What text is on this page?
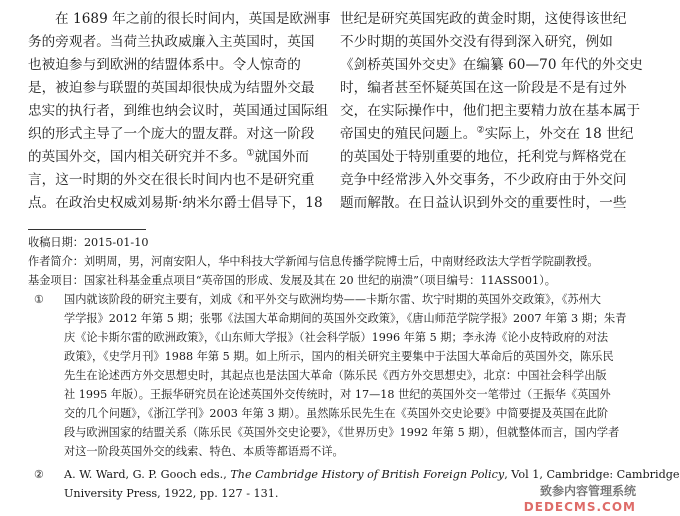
在 1689 年之前的很长时间内，英国是欧洲事
务的旁观者。当荷兰执政威廉入主英国时，英国
也被迫参与到欧洲的结盟体系中。令人惊奇的
是，被迫参与联盟的英国却很快成为结盟外交最
忠实的执行者，到维也纳会议时，英国通过国际组
织的形式主导了一个庞大的盟友群。对这一阶段
的英国外交，国内相关研究并不多。①就国外而
言，这一时期的外交在很长时间内也不是研究重
点。在政治史权威刘易斯·纳米尔爵士倡导下，18
世纪是研究英国宪政的黄金时期，这使得该世纪
不少时期的英国外交没有得到深入研究，例如
《剑桥英国外交史》在编纂 60—70 年代的外交史
时，编者甚至怀疑英国在这一阶段是不是有过外
交，在实际操作中，他们把主要精力放在基本属于
帝国史的殖民问题上。②实际上，外交在 18 世纪
的英国处于特别重要的地位，托利党与辉格党在
竞争中经常涉入外交事务，不少政府由于外交问
题而解散。在日益认识到外交的重要性时，一些
收稿日期：2015-01-10
作者简介：刘明周，男，河南安阳人，华中科技大学新闻与信息传播学院博士后，中南财经政法大学哲学院副教授。
基金项目：国家社科基金重点项目“英帝国的形成、发展及其在 20 世纪的崩溃”（项目编号：11ASS001）。
① 国内就该阶段的研究主要有，刘成《和平外交与欧洲均势——卡斯尔雷、坎宁时期的英国外交政策》，《苏州大
学学报》2012 年第 5 期；张鄂《法国大革命期间的英国外交政策》，《唐山师范学院学报》2007 年第 3 期；朱青
庆《论卡斯尔雷的欧洲政策》，《山东师大学报》（社会科学版）1996 年第 5 期；李永涛《论小皮特政府的对法
政策》，《史学月刊》1988 年第 5 期。如上所示，国内的相关研究主要集中于法国大革命后的英国外交，陈乐民
先生在论述西方外交思想史时，其起点也是法国大革命（陈乐民《西方外交思想史》，北京：中国社会科学出版
社 1995 年版）。王振华研究员在论述英国外交传统时，对 17—18 世纪的英国外交一笔带过（王振华《英国外
交的几个问题》，《浙江学刊》2003 年第 3 期）。虽然陈乐民先生在《英国外交史论要》中简要提及英国在此阶
段与欧洲国家的结盟关系（陈乐民《英国外交史论要》，《世界历史》1992 年第 5 期），但就整体而言，国内学者
对这一阶段英国外交的线索、特色、本质等都语焉不详。
② A. W. Ward, G. P. Gooch eds., The Cambridge History of British Foreign Policy, Vol 1, Cambridge: Cambridge
University Press, 1922, pp. 127 - 131.	致参内容管理系统
DEDECMS.COM
